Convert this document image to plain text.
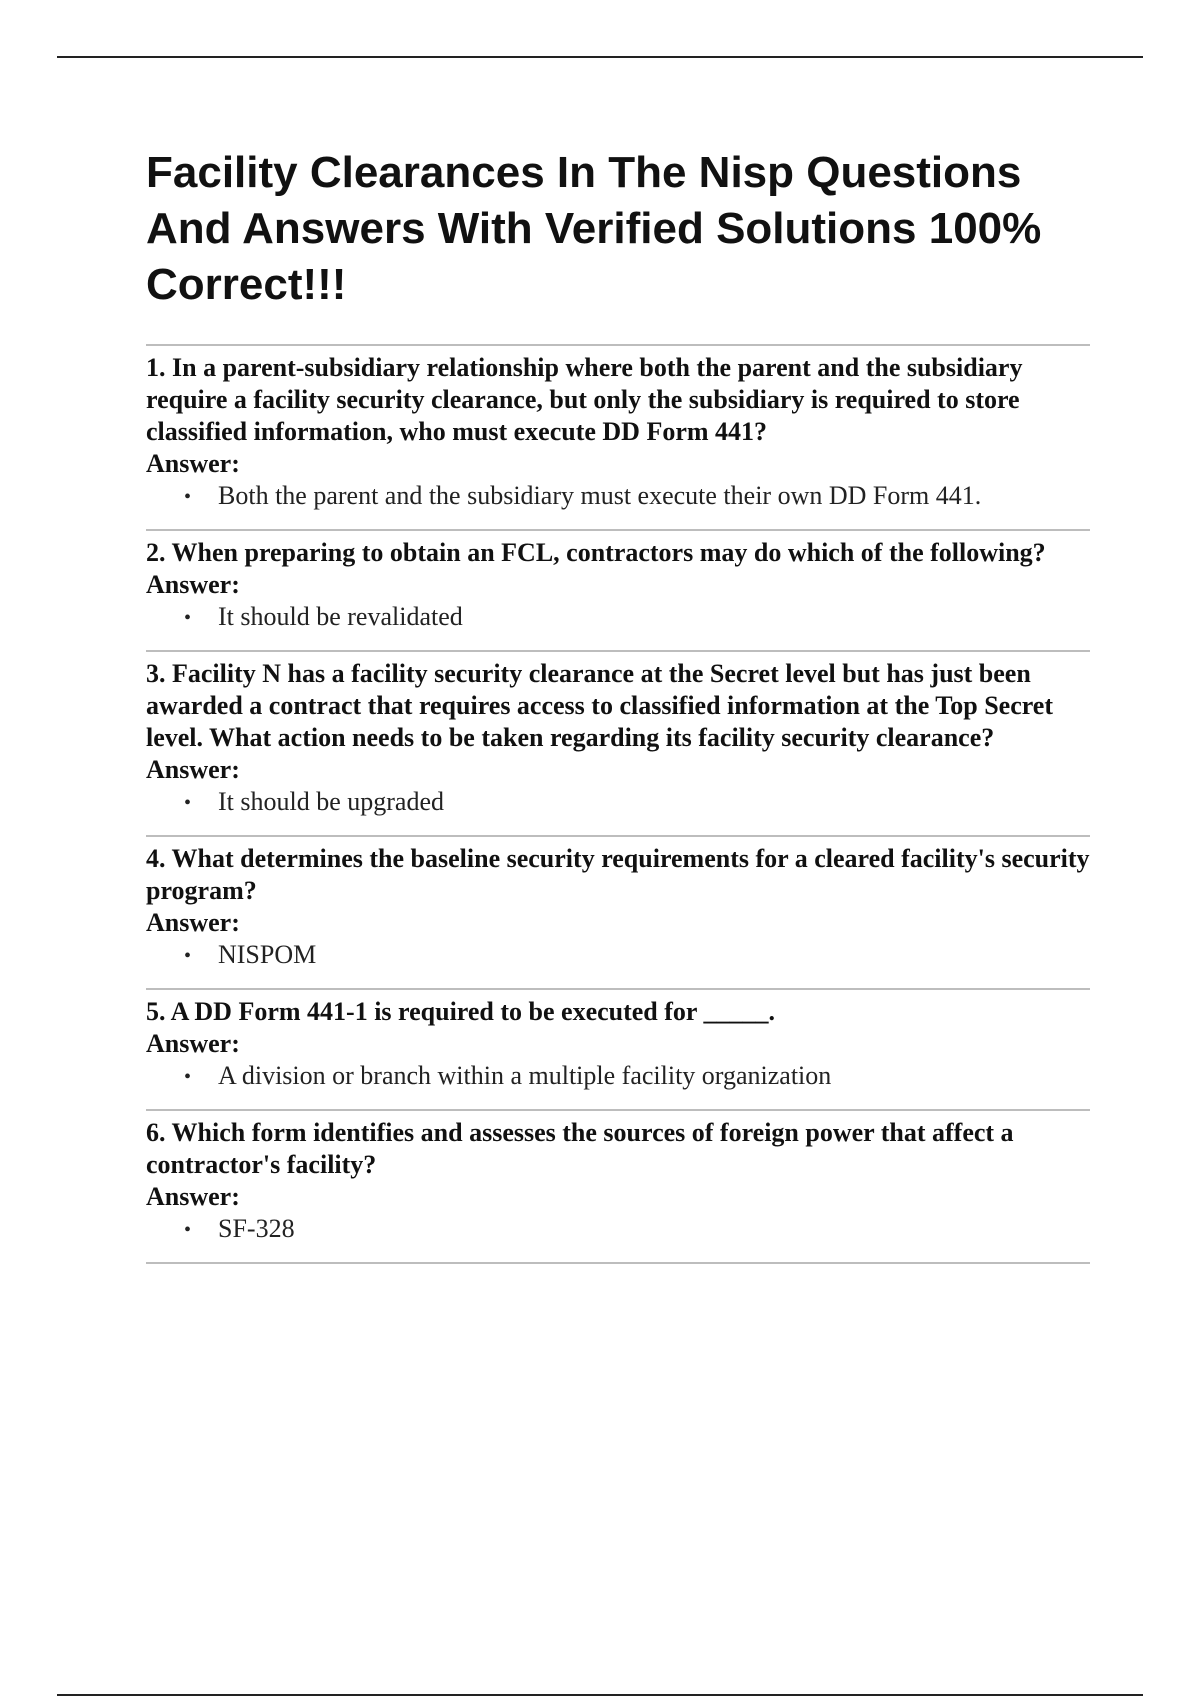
Facility Clearances In The Nisp Questions And Answers With Verified Solutions 100% Correct!!!

1. In a parent-subsidiary relationship where both the parent and the subsidiary require a facility security clearance, but only the subsidiary is required to store classified information, who must execute DD Form 441?

Answer:

• Both the parent and the subsidiary must execute their own DD Form 441.

2. When preparing to obtain an FCL, contractors may do which of the following?

Answer:

• It should be revalidated

3. Facility N has a facility security clearance at the Secret level but has just been awarded a contract that requires access to classified information at the Top Secret level. What action needs to be taken regarding its facility security clearance?

Answer:

• It should be upgraded

4. What determines the baseline security requirements for a cleared facility's security program?

Answer:

• NISPOM

5. A DD Form 441-1 is required to be executed for _____.

Answer:

• A division or branch within a multiple facility organization

6. Which form identifies and assesses the sources of foreign power that affect a contractor's facility?

Answer:

• SF-328
